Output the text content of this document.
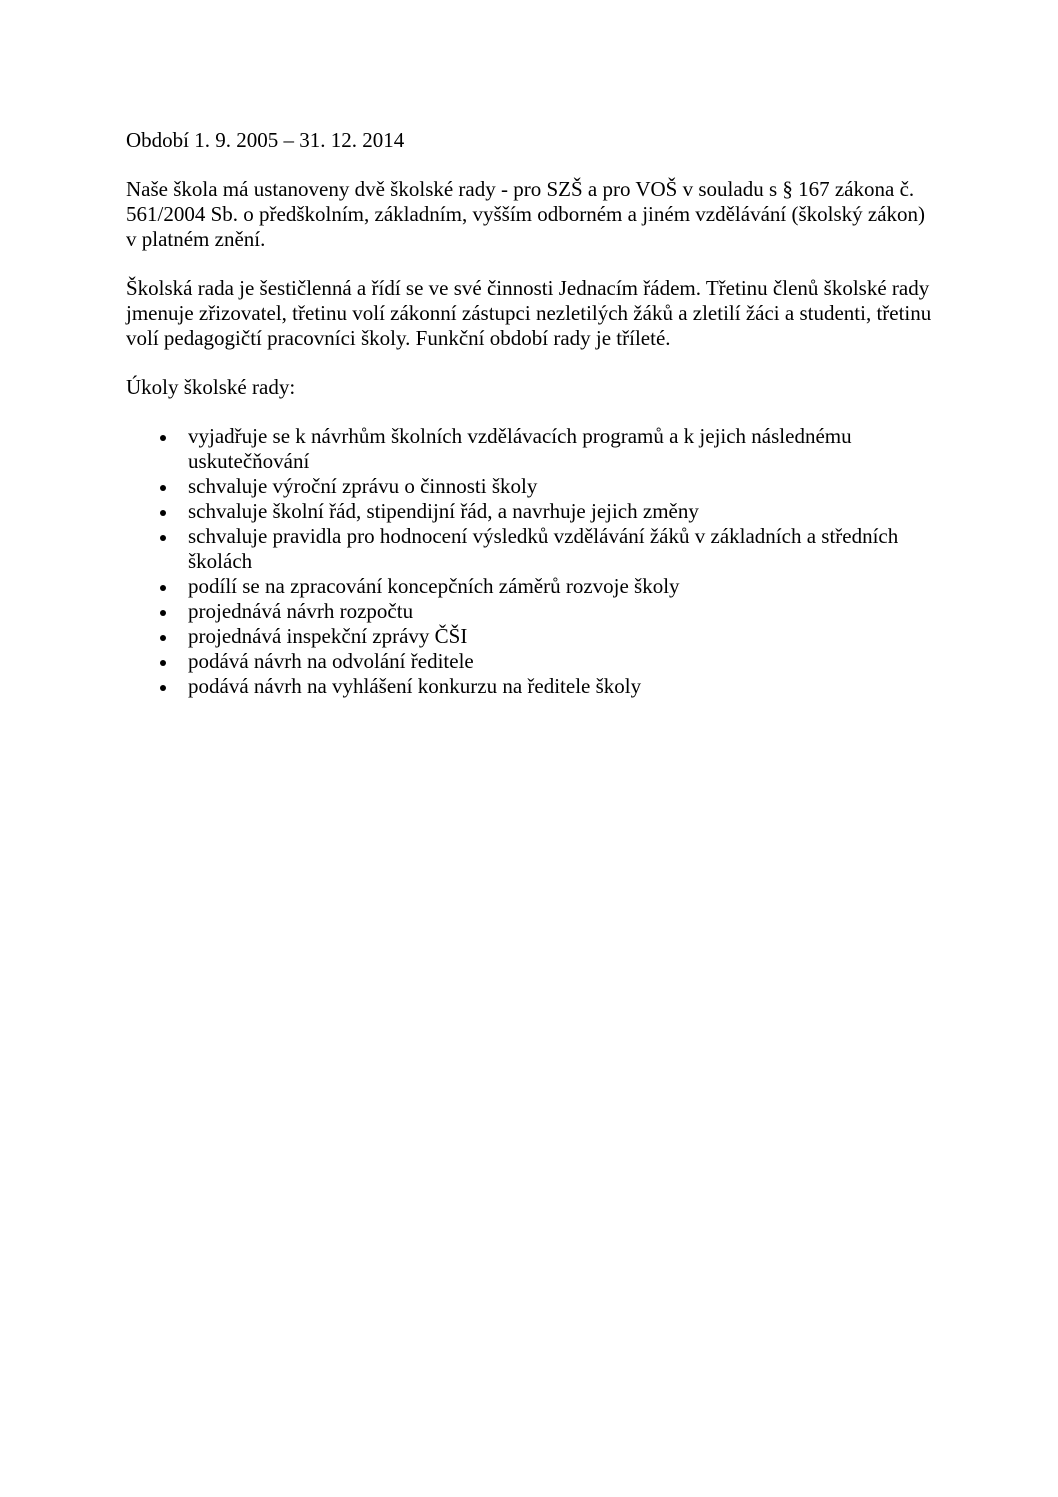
Období 1. 9. 2005 – 31. 12. 2014

Naše škola má ustanoveny dvě školské rady - pro SZŠ a pro VOŠ v souladu s § 167 zákona č. 561/2004 Sb. o předškolním, základním, vyšším odborném a jiném vzdělávání (školský zákon) v platném znění.

Školská rada je šestičlenná a řídí se ve své činnosti Jednacím řádem. Třetinu členů školské rady jmenuje zřizovatel, třetinu volí zákonní zástupci nezletilých žáků a zletilí žáci a studenti, třetinu volí pedagogičtí pracovníci školy. Funkční období rady je tříleté.

Úkoly školské rady:

vyjadřuje se k návrhům školních vzdělávacích programů a k jejich následnému uskutečňování
schvaluje výroční zprávu o činnosti školy
schvaluje školní řád, stipendijní řád, a navrhuje jejich změny
schvaluje pravidla pro hodnocení výsledků vzdělávání žáků v základních a středních školách
podílí se na zpracování koncepčních záměrů rozvoje školy
projednává návrh rozpočtu
projednává inspekční zprávy ČŠI
podává návrh na odvolání ředitele
podává návrh na vyhlášení konkurzu na ředitele školy
